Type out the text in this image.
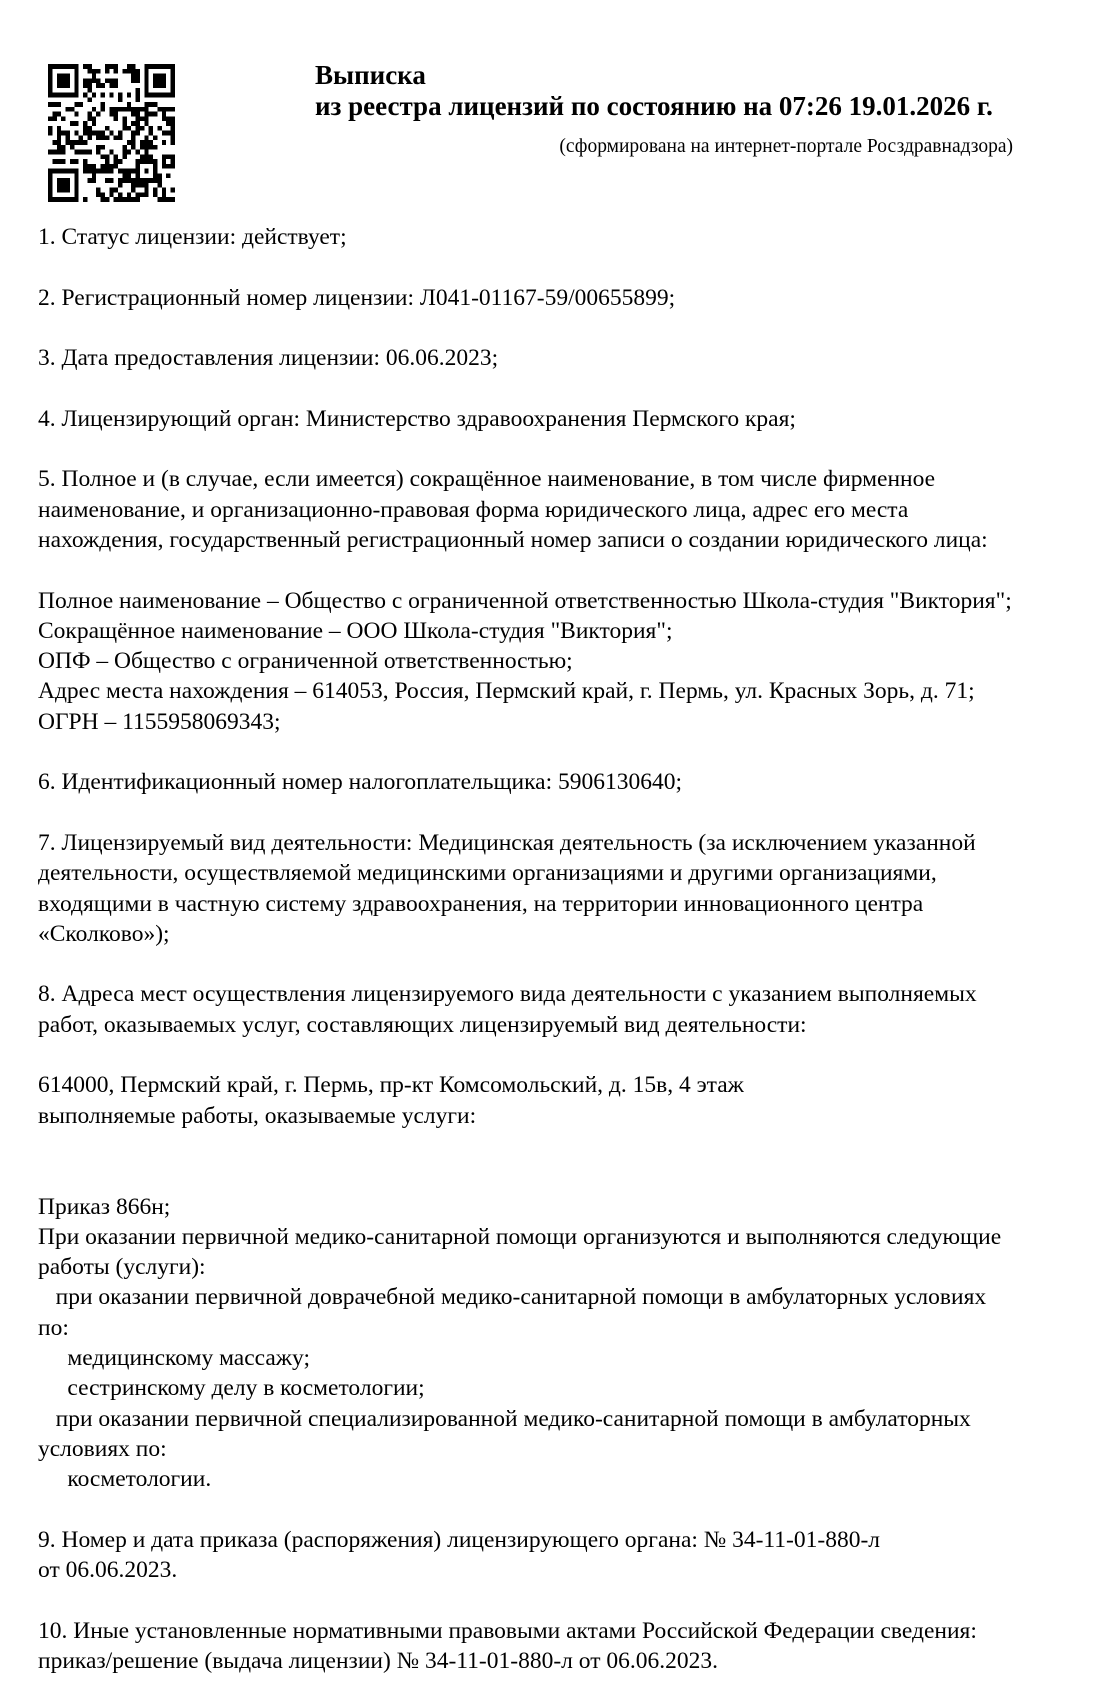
Выписка
из реестра лицензий по состоянию на 07:26 19.01.2026 г.
(сформирована на интернет-портале Росздравнадзора)
1. Статус лицензии: действует;
2. Регистрационный номер лицензии: Л041-01167-59/00655899;
3. Дата предоставления лицензии: 06.06.2023;
4. Лицензирующий орган: Министерство здравоохранения Пермского края;
5. Полное и (в случае, если имеется) сокращённое наименование, в том числе фирменное
наименование, и организационно-правовая форма юридического лица, адрес его места
нахождения, государственный регистрационный номер записи о создании юридического лица:
Полное наименование – Общество с ограниченной ответственностью Школа-студия "Виктория";
Сокращённое наименование – ООО Школа-студия "Виктория";
ОПФ – Общество с ограниченной ответственностью;
Адрес места нахождения – 614053, Россия, Пермский край, г. Пермь, ул. Красных Зорь, д. 71;
ОГРН – 1155958069343;
6. Идентификационный номер налогоплательщика: 5906130640;
7. Лицензируемый вид деятельности: Медицинская деятельность (за исключением указанной
деятельности, осуществляемой медицинскими организациями и другими организациями,
входящими в частную систему здравоохранения, на территории инновационного центра
«Сколково»);
8. Адреса мест осуществления лицензируемого вида деятельности с указанием выполняемых
работ, оказываемых услуг, составляющих лицензируемый вид деятельности:
614000, Пермский край, г. Пермь, пр-кт Комсомольский, д. 15в, 4 этаж
выполняемые работы, оказываемые услуги:
Приказ 866н;
При оказании первичной медико-санитарной помощи организуются и выполняются следующие
работы (услуги):
при оказании первичной доврачебной медико-санитарной помощи в амбулаторных условиях
по:
медицинскому массажу;
сестринскому делу в косметологии;
при оказании первичной специализированной медико-санитарной помощи в амбулаторных
условиях по:
косметологии.
9. Номер и дата приказа (распоряжения) лицензирующего органа: № 34-11-01-880-л
от 06.06.2023.
10. Иные установленные нормативными правовыми актами Российской Федерации сведения:
приказ/решение (выдача лицензии) № 34-11-01-880-л от 06.06.2023.
